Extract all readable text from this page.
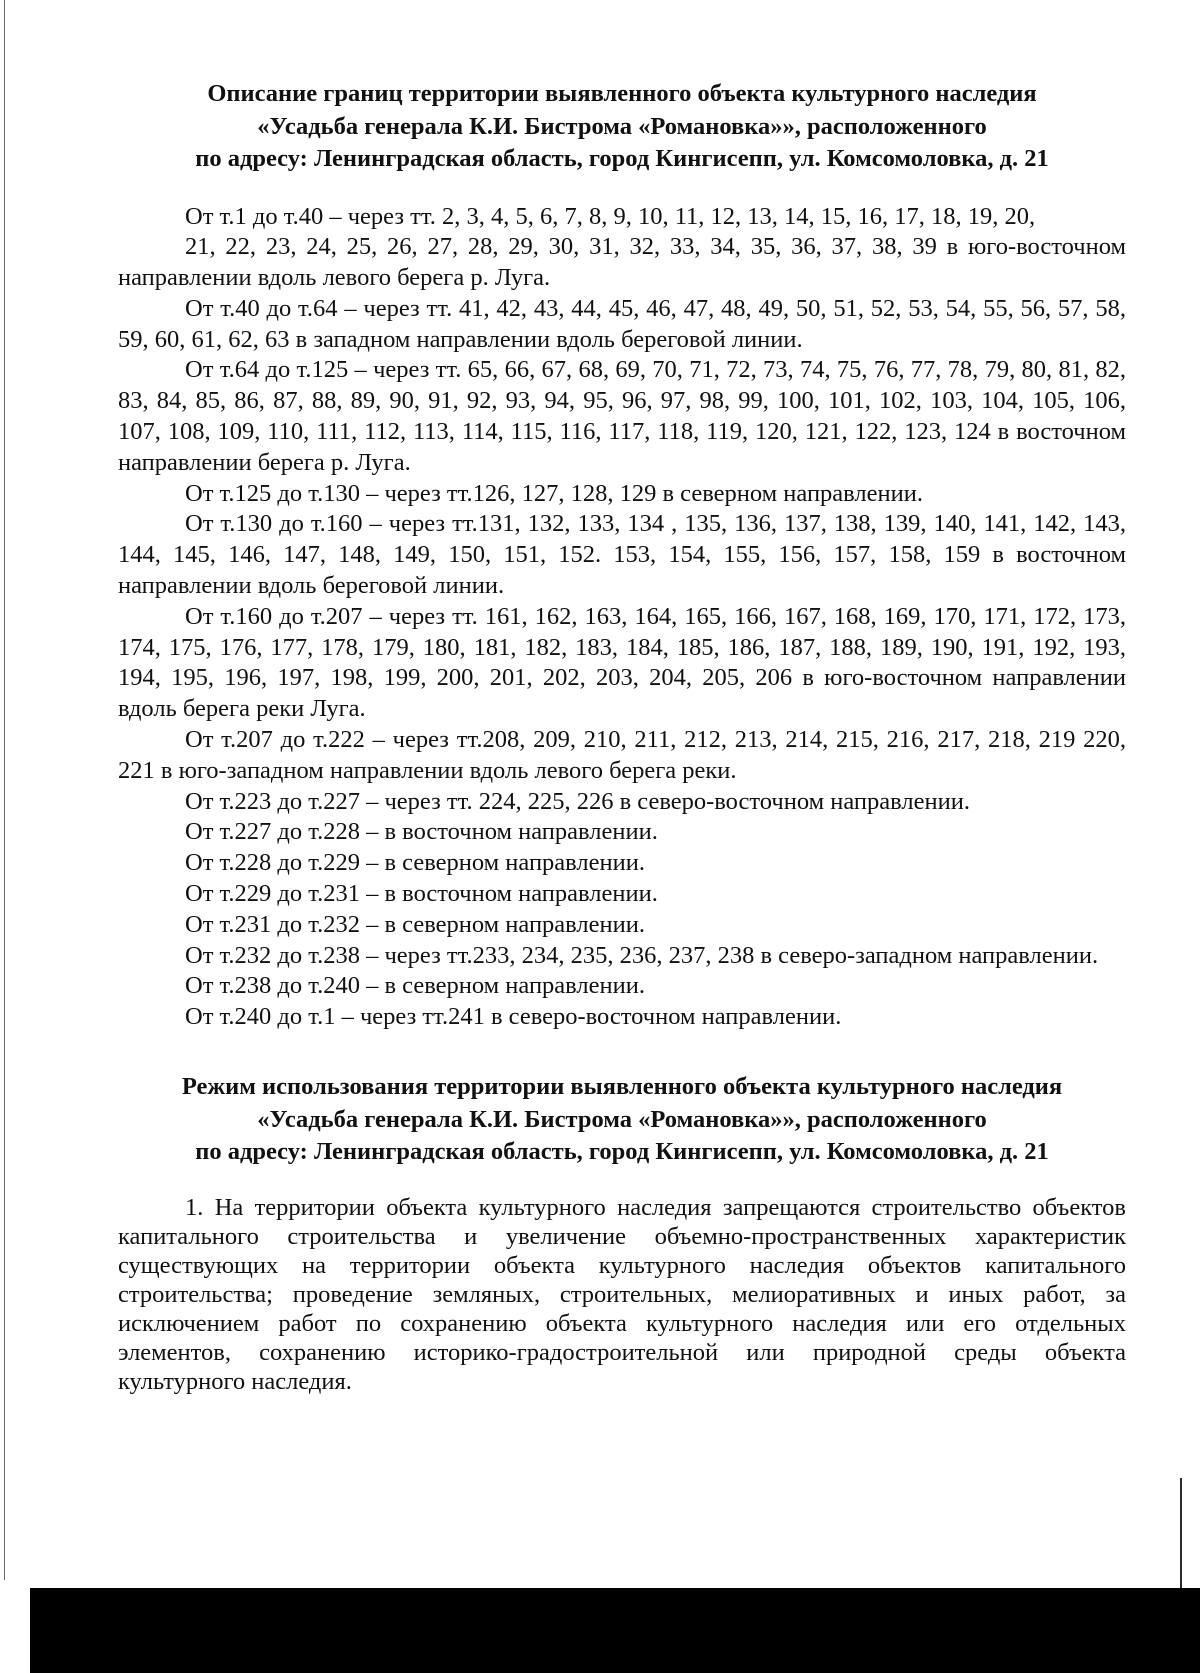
Описание границ территории выявленного объекта культурного наследия
«Усадьба генерала К.И. Бистрома «Романовка»», расположенного
по адресу: Ленинградская область, город Кингисепп, ул. Комсомоловка, д. 21

От т.1 до т.40 – через тт. 2, 3, 4, 5, 6, 7, 8, 9, 10, 11, 12, 13, 14, 15, 16, 17, 18, 19, 20,

21, 22, 23, 24, 25, 26, 27, 28, 29, 30, 31, 32, 33, 34, 35, 36, 37, 38, 39 в юго-восточном направлении вдоль левого берега р. Луга.

От т.40 до т.64 – через тт. 41, 42, 43, 44, 45, 46, 47, 48, 49, 50, 51, 52, 53, 54, 55, 56, 57, 58, 59, 60, 61, 62, 63 в западном направлении вдоль береговой линии.

От т.64 до т.125 – через тт. 65, 66, 67, 68, 69, 70, 71, 72, 73, 74, 75, 76, 77, 78, 79, 80, 81, 82, 83, 84, 85, 86, 87, 88, 89, 90, 91, 92, 93, 94, 95, 96, 97, 98, 99, 100, 101, 102, 103, 104, 105, 106, 107, 108, 109, 110, 111, 112, 113, 114, 115, 116, 117, 118, 119, 120, 121, 122, 123, 124 в восточном направлении берега р. Луга.

От т.125 до т.130 – через тт.126, 127, 128, 129 в северном направлении.

От т.130 до т.160 – через тт.131, 132, 133, 134 , 135, 136, 137, 138, 139, 140, 141, 142, 143, 144, 145, 146, 147, 148, 149, 150, 151, 152. 153, 154, 155, 156, 157, 158, 159 в восточном направлении вдоль береговой линии.

От т.160 до т.207 – через тт. 161, 162, 163, 164, 165, 166, 167, 168, 169, 170, 171, 172, 173, 174, 175, 176, 177, 178, 179, 180, 181, 182, 183, 184, 185, 186, 187, 188, 189, 190, 191, 192, 193, 194, 195, 196, 197, 198, 199, 200, 201, 202, 203, 204, 205, 206 в юго-восточном направлении вдоль берега реки Луга.

От т.207 до т.222 – через тт.208, 209, 210, 211, 212, 213, 214, 215, 216, 217, 218, 219 220, 221 в юго-западном направлении вдоль левого берега реки.

От т.223 до т.227 – через тт. 224, 225, 226 в северо-восточном направлении.

От т.227 до т.228 – в восточном направлении.

От т.228 до т.229 – в северном направлении.

От т.229 до т.231 – в восточном направлении.

От т.231 до т.232 – в северном направлении.

От т.232 до т.238 – через тт.233, 234, 235, 236, 237, 238 в северо-западном направлении.

От т.238 до т.240 – в северном направлении.

От т.240 до т.1 – через тт.241 в северо-восточном направлении.

Режим использования территории выявленного объекта культурного наследия
«Усадьба генерала К.И. Бистрома «Романовка»», расположенного
по адресу: Ленинградская область, город Кингисепп, ул. Комсомоловка, д. 21

1. На территории объекта культурного наследия запрещаются строительство объектов капитального строительства и увеличение объемно-пространственных характеристик существующих на территории объекта культурного наследия объектов капитального строительства; проведение земляных, строительных, мелиоративных и иных работ, за исключением работ по сохранению объекта культурного наследия или его отдельных элементов, сохранению историко-градостроительной или природной среды объекта культурного наследия.
